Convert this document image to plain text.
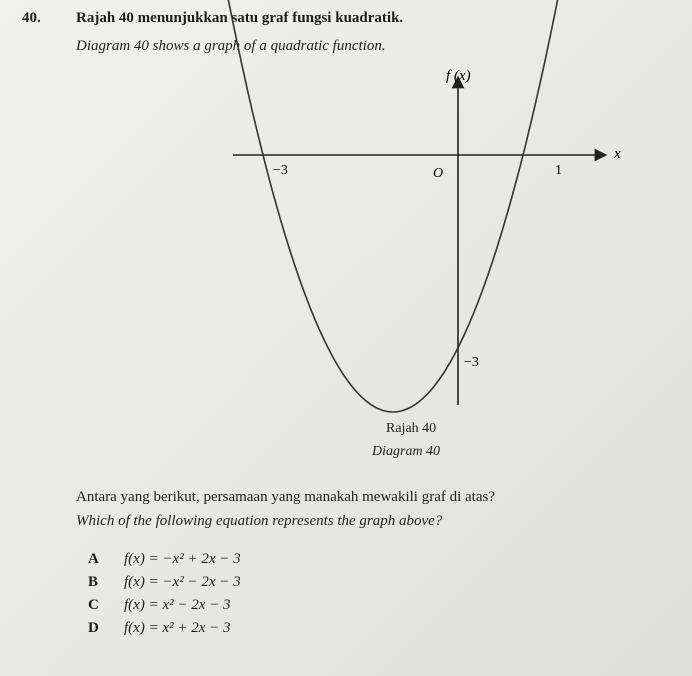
40. Rajah 40 menunjukkan satu graf fungsi kuadratik.
Diagram 40 shows a graph of a quadratic function.
f (x)
x
O
−3	1
−3
Rajah 40
Diagram 40
Antara yang berikut, persamaan yang manakah mewakili graf di atas?
Which of the following equation represents the graph above?
A f(x) = −x² + 2x − 3
B f(x) = −x² − 2x − 3
C f(x) = x² − 2x − 3
D f(x) = x² + 2x − 3
